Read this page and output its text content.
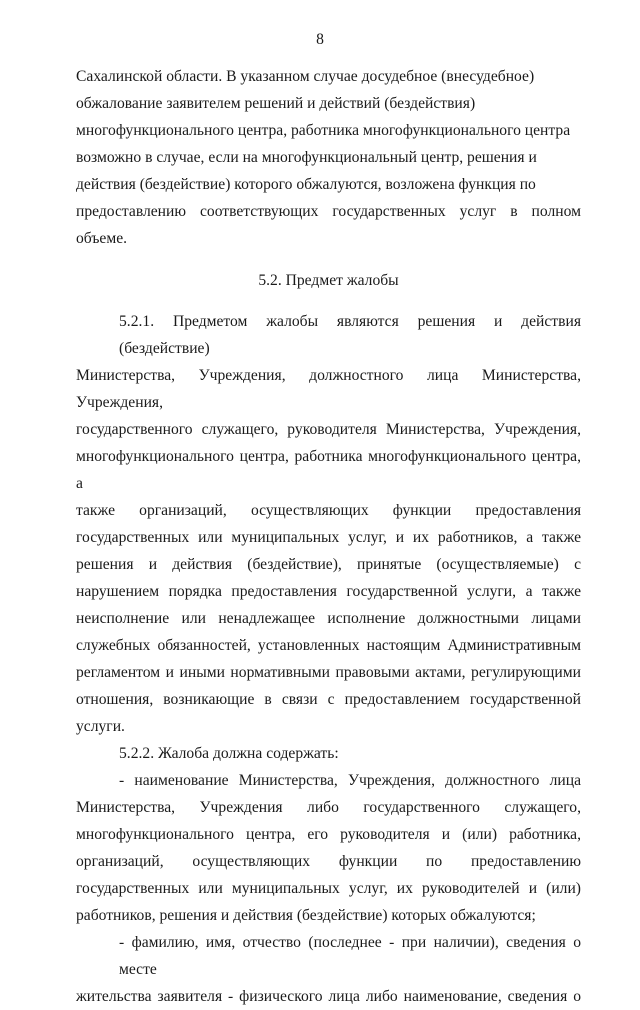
8

Сахалинской области. В указанном случае досудебное (внесудебное)
обжалование заявителем решений и действий (бездействия)
многофункционального центра, работника многофункционального центра
возможно в случае, если на многофункциональный центр, решения и
действия (бездействие) которого обжалуются, возложена функция по
предоставлению соответствующих государственных услуг в полном объеме.

5.2. Предмет жалобы

5.2.1. Предметом жалобы являются решения и действия (бездействие)
Министерства, Учреждения, должностного лица Министерства, Учреждения,
государственного служащего, руководителя Министерства, Учреждения,
многофункционального центра, работника многофункционального центра, а
также организаций, осуществляющих функции предоставления
государственных или муниципальных услуг, и их работников, а также
решения и действия (бездействие), принятые (осуществляемые) с
нарушением порядка предоставления государственной услуги, а также
неисполнение или ненадлежащее исполнение должностными лицами
служебных обязанностей, установленных настоящим Административным
регламентом и иными нормативными правовыми актами, регулирующими
отношения, возникающие в связи с предоставлением государственной
услуги.

5.2.2. Жалоба должна содержать:

- наименование Министерства, Учреждения, должностного лица
Министерства, Учреждения либо государственного служащего,
многофункционального центра, его руководителя и (или) работника,
организаций, осуществляющих функции по предоставлению
государственных или муниципальных услуг, их руководителей и (или)
работников, решения и действия (бездействие) которых обжалуются;

- фамилию, имя, отчество (последнее - при наличии), сведения о месте
жительства заявителя - физического лица либо наименование, сведения о
